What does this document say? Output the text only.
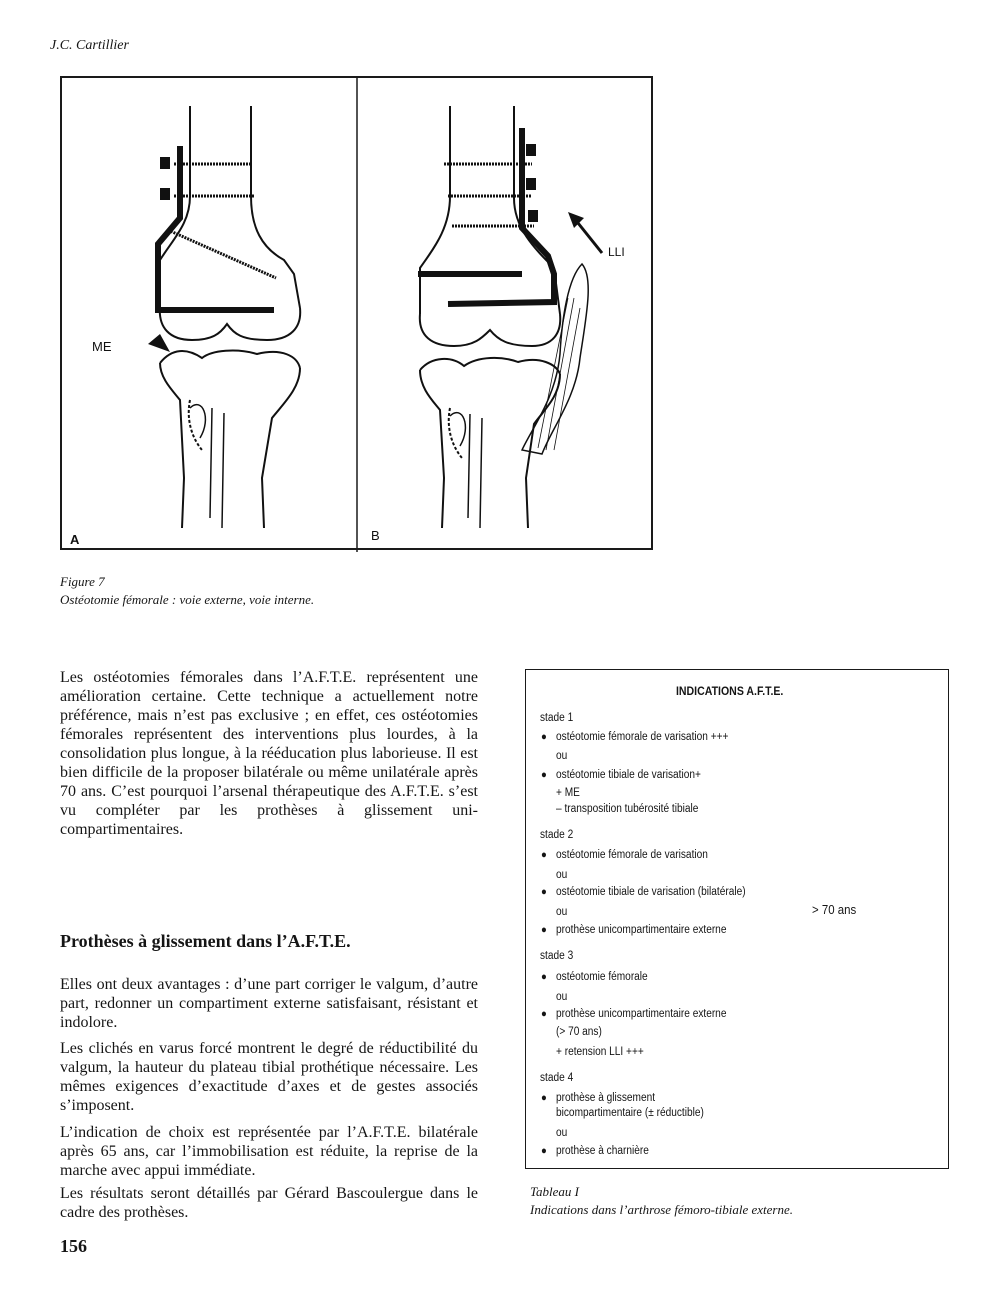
J.C. Cartillier
A	B
ME
LLI
Figure 7
Ostéotomie fémorale : voie externe, voie interne.
Les ostéotomies fémorales dans l’A.F.T.E. représentent une amélioration certaine. Cette technique a actuellement notre préférence, mais n’est pas exclusive ; en effet, ces ostéotomies fémorales représentent des interventions plus lourdes, à la consolidation plus longue, à la rééducation plus laborieuse. Il est bien difficile de la proposer bilatérale ou même unilatérale après 70 ans. C’est pourquoi l’arsenal thérapeutique des A.F.T.E. s’est vu compléter par les prothèses à glissement uni-compartimentaires.
Prothèses à glissement dans l’A.F.T.E.
Elles ont deux avantages : d’une part corriger le valgum, d’autre part, redonner un compartiment externe satisfaisant, résistant et indolore.
Les clichés en varus forcé montrent le degré de réductibilité du valgum, la hauteur du plateau tibial prothétique nécessaire. Les mêmes exigences d’exactitude d’axes et de gestes associés s’imposent.
L’indication de choix est représentée par l’A.F.T.E. bilatérale après 65 ans, car l’immobilisation est réduite, la reprise de la marche avec appui immédiate.
Les résultats seront détaillés par Gérard Bascoulergue dans le cadre des prothèses.
156
INDICATIONS A.F.T.E.
stade 1
● ostéotomie fémorale de varisation +++
ou
● ostéotomie tibiale de varisation+
+ ME
– transposition tubérosité tibiale
stade 2
● ostéotomie fémorale de varisation
ou
● ostéotomie tibiale de varisation (bilatérale)
ou	> 70 ans
● prothèse unicompartimentaire externe
stade 3
● ostéotomie fémorale
ou
● prothèse unicompartimentaire externe
(> 70 ans)
+ retension LLI +++
stade 4
● prothèse à glissement
bicompartimentaire (± réductible)
ou
● prothèse à charnière
Tableau I
Indications dans l’arthrose fémoro-tibiale externe.
